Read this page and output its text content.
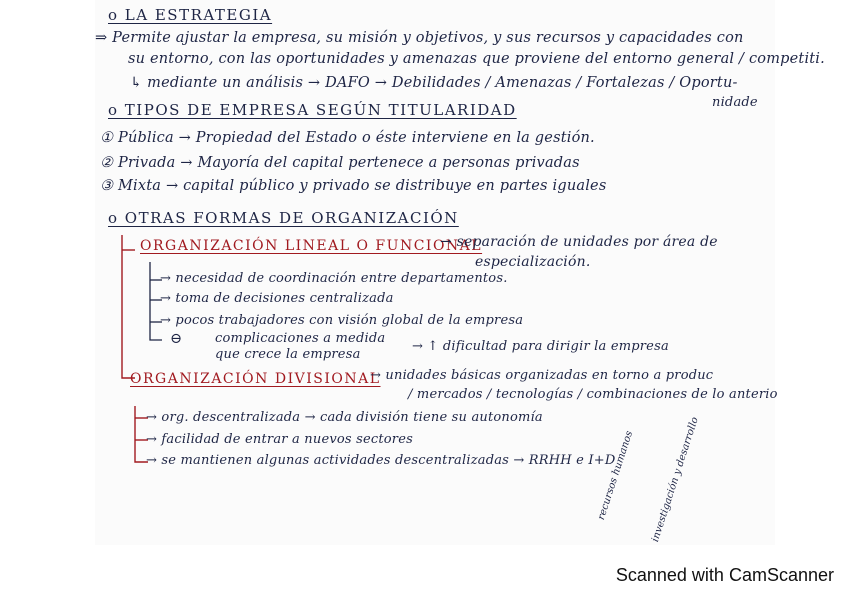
o LA ESTRATEGIA
⇒ Permite ajustar la empresa, su misión y objetivos, y sus recursos y capacidades con
su entorno, con las oportunidades y amenazas que proviene del entorno general / competiti.
↳ mediante un análisis → DAFO → Debilidades / Amenazas / Fortalezas / Oportu-
nidade
o TIPOS DE EMPRESA SEGÚN TITULARIDAD
① Pública → Propiedad del Estado o éste interviene en la gestión.
② Privada → Mayoría del capital pertenece a personas privadas
③ Mixta → capital público y privado se distribuye en partes iguales
o OTRAS FORMAS DE ORGANIZACIÓN
ORGANIZACIÓN LINEAL O FUNCIONAL
→ separación de unidades por área de
especialización.
→ necesidad de coordinación entre departamentos.
→ toma de decisiones centralizada
→ pocos trabajadores con visión global de la empresa
⊖	complicaciones a medida
que crece la empresa
→ ↑ dificultad para dirigir la empresa
ORGANIZACIÓN DIVISIONAL
→ unidades básicas organizadas en torno a produc
/ mercados / tecnologías / combinaciones de lo anterio
→ org. descentralizada → cada división tiene su autonomía
→ facilidad de entrar a nuevos sectores
→ se mantienen algunas actividades descentralizadas → RRHH e I+D
recursos humanos investigación y desarrollo
Scanned with CamScanner
